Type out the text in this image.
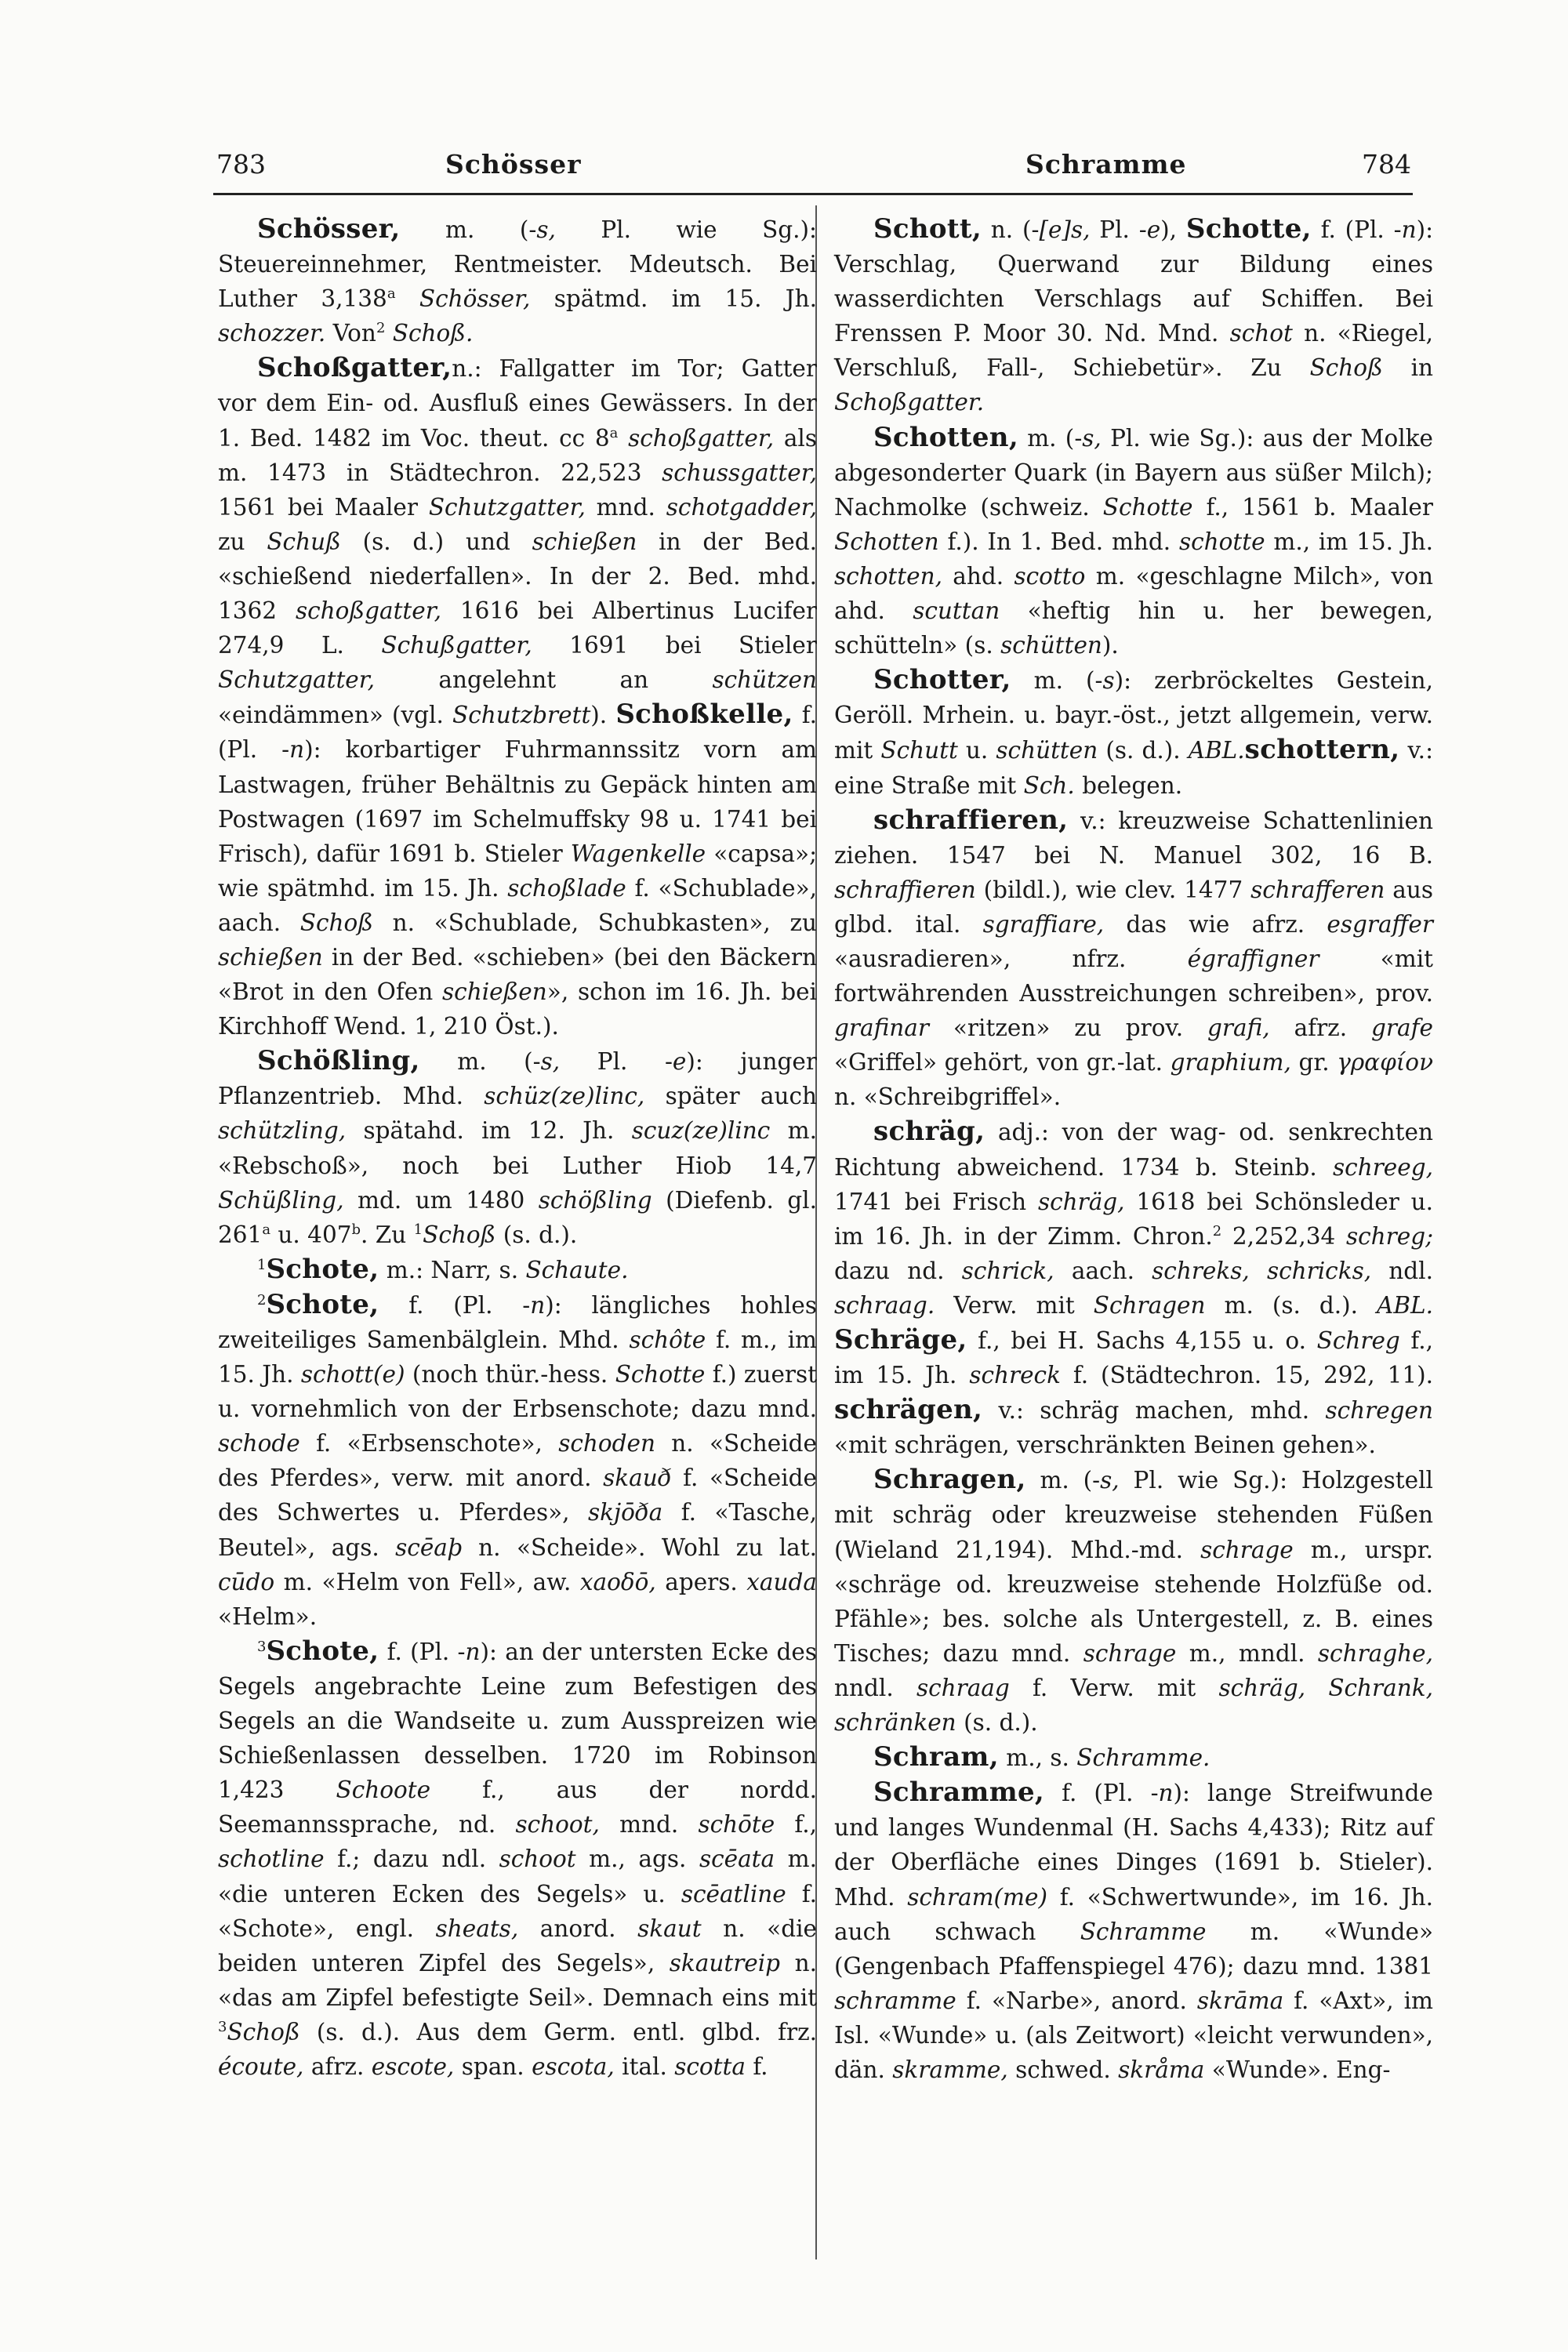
783	Schösser	Schramme	784

Schösser, m. (-s, Pl. wie Sg.): Steuereinnehmer, Rentmeister. Mdeutsch. Bei Luther 3,138$^a$ Schösser, spätmd. im 15. Jh. schozzer. Von$^2$ Schoß.

Schoßgatter,n.: Fallgatter im Tor; Gatter vor dem Ein- od. Ausfluß eines Gewässers. In der 1. Bed. 1482 im Voc. theut. cc 8$^a$ schoßgatter, als m. 1473 in Städtechron. 22,523 schussgatter, 1561 bei Maaler Schutzgatter, mnd. schotgadder, zu Schuß (s. d.) und schießen in der Bed. «schießend niederfallen». In der 2. Bed. mhd. 1362 schoßgatter, 1616 bei Albertinus Lucifer 274,9 L. Schußgatter, 1691 bei Stieler Schutzgatter, angelehnt an schützen «eindämmen» (vgl. Schutzbrett). Schoßkelle, f. (Pl. -n): korbartiger Fuhrmannssitz vorn am Lastwagen, früher Behältnis zu Gepäck hinten am Postwagen (1697 im Schelmuffsky 98 u. 1741 bei Frisch), dafür 1691 b. Stieler Wagenkelle «capsa»; wie spätmhd. im 15. Jh. schoßlade f. «Schublade», aach. Schoß n. «Schublade, Schubkasten», zu schießen in der Bed. «schieben» (bei den Bäckern «Brot in den Ofen schießen», schon im 16. Jh. bei Kirchhoff Wend. 1, 210 Öst.).

Schößling, m. (-s, Pl. -e): junger Pflanzentrieb. Mhd. schüz(ze)linc, später auch schützling, spätahd. im 12. Jh. scuz(ze)linc m. «Rebschoß», noch bei Luther Hiob 14,7 Schüßling, md. um 1480 schößling (Diefenb. gl. 261$^a$ u. 407$^b$. Zu $^1$Schoß (s. d.).

$^1$Schote, m.: Narr, s. Schaute.

$^2$Schote, f. (Pl. -n): längliches hohles zweiteiliges Samenbälglein. Mhd. schôte f. m., im 15. Jh. schott(e) (noch thür.-hess. Schotte f.) zuerst u. vornehmlich von der Erbsenschote; dazu mnd. schode f. «Erbsenschote», schoden n. «Scheide des Pferdes», verw. mit anord. skauð f. «Scheide des Schwertes u. Pferdes», skjōða f. «Tasche, Beutel», ags. scēaþ n. «Scheide». Wohl zu lat. cūdo m. «Helm von Fell», aw. xaoδō, apers. xauda «Helm».

$^3$Schote, f. (Pl. -n): an der untersten Ecke des Segels angebrachte Leine zum Befestigen des Segels an die Wandseite u. zum Ausspreizen wie Schießenlassen desselben. 1720 im Robinson 1,423 Schoote f., aus der nordd. Seemannssprache, nd. schoot, mnd. schōte f., schotline f.; dazu ndl. schoot m., ags. scēata m. «die unteren Ecken des Segels» u. scēatline f. «Schote», engl. sheats, anord. skaut n. «die beiden unteren Zipfel des Segels», skautreip n. «das am Zipfel befestigte Seil». Demnach eins mit $^3$Schoß (s. d.). Aus dem Germ. entl. glbd. frz. écoute, afrz. escote, span. escota, ital. scotta f.

Schott, n. (-[e]s, Pl. -e), Schotte, f. (Pl. -n): Verschlag, Querwand zur Bildung eines wasserdichten Verschlags auf Schiffen. Bei Frenssen P. Moor 30. Nd. Mnd. schot n. «Riegel, Verschluß, Fall-, Schiebetür». Zu Schoß in Schoßgatter.

Schotten, m. (-s, Pl. wie Sg.): aus der Molke abgesonderter Quark (in Bayern aus süßer Milch); Nachmolke (schweiz. Schotte f., 1561 b. Maaler Schotten f.). In 1. Bed. mhd. schotte m., im 15. Jh. schotten, ahd. scotto m. «geschlagne Milch», von ahd. scuttan «heftig hin u. her bewegen, schütteln» (s. schütten).

Schotter, m. (-s): zerbröckeltes Gestein, Geröll. Mrhein. u. bayr.-öst., jetzt allgemein, verw. mit Schutt u. schütten (s. d.). ABL.schottern, v.: eine Straße mit Sch. belegen.

schraffieren, v.: kreuzweise Schattenlinien ziehen. 1547 bei N. Manuel 302, 16 B. schraffieren (bildl.), wie clev. 1477 schrafferen aus glbd. ital. sgraffiare, das wie afrz. esgraffer «ausradieren», nfrz. égraffigner «mit fortwährenden Ausstreichungen schreiben», prov. grafinar «ritzen» zu prov. grafi, afrz. grafe «Griffel» gehört, von gr.-lat. graphium, gr. γραφίον n. «Schreibgriffel».

schräg, adj.: von der wag- od. senkrechten Richtung abweichend. 1734 b. Steinb. schreeg, 1741 bei Frisch schräg, 1618 bei Schönsleder u. im 16. Jh. in der Zimm. Chron.$^2$ 2,252,34 schreg; dazu nd. schrick, aach. schreks, schricks, ndl. schraag. Verw. mit Schragen m. (s. d.). ABL. Schräge, f., bei H. Sachs 4,155 u. o. Schreg f., im 15. Jh. schreck f. (Städtechron. 15, 292, 11). schrägen, v.: schräg machen, mhd. schregen «mit schrägen, verschränkten Beinen gehen».

Schragen, m. (-s, Pl. wie Sg.): Holzgestell mit schräg oder kreuzweise stehenden Füßen (Wieland 21,194). Mhd.-md. schrage m., urspr. «schräge od. kreuzweise stehende Holzfüße od. Pfähle»; bes. solche als Untergestell, z. B. eines Tisches; dazu mnd. schrage m., mndl. schraghe, nndl. schraag f. Verw. mit schräg, Schrank, schränken (s. d.).

Schram, m., s. Schramme.

Schramme, f. (Pl. -n): lange Streifwunde und langes Wundenmal (H. Sachs 4,433); Ritz auf der Oberfläche eines Dinges (1691 b. Stieler). Mhd. schram(me) f. «Schwertwunde», im 16. Jh. auch schwach Schramme m. «Wunde» (Gengenbach Pfaffenspiegel 476); dazu mnd. 1381 schramme f. «Narbe», anord. skrāma f. «Axt», im Isl. «Wunde» u. (als Zeitwort) «leicht verwunden», dän. skramme, schwed. skråma «Wunde». Eng-
